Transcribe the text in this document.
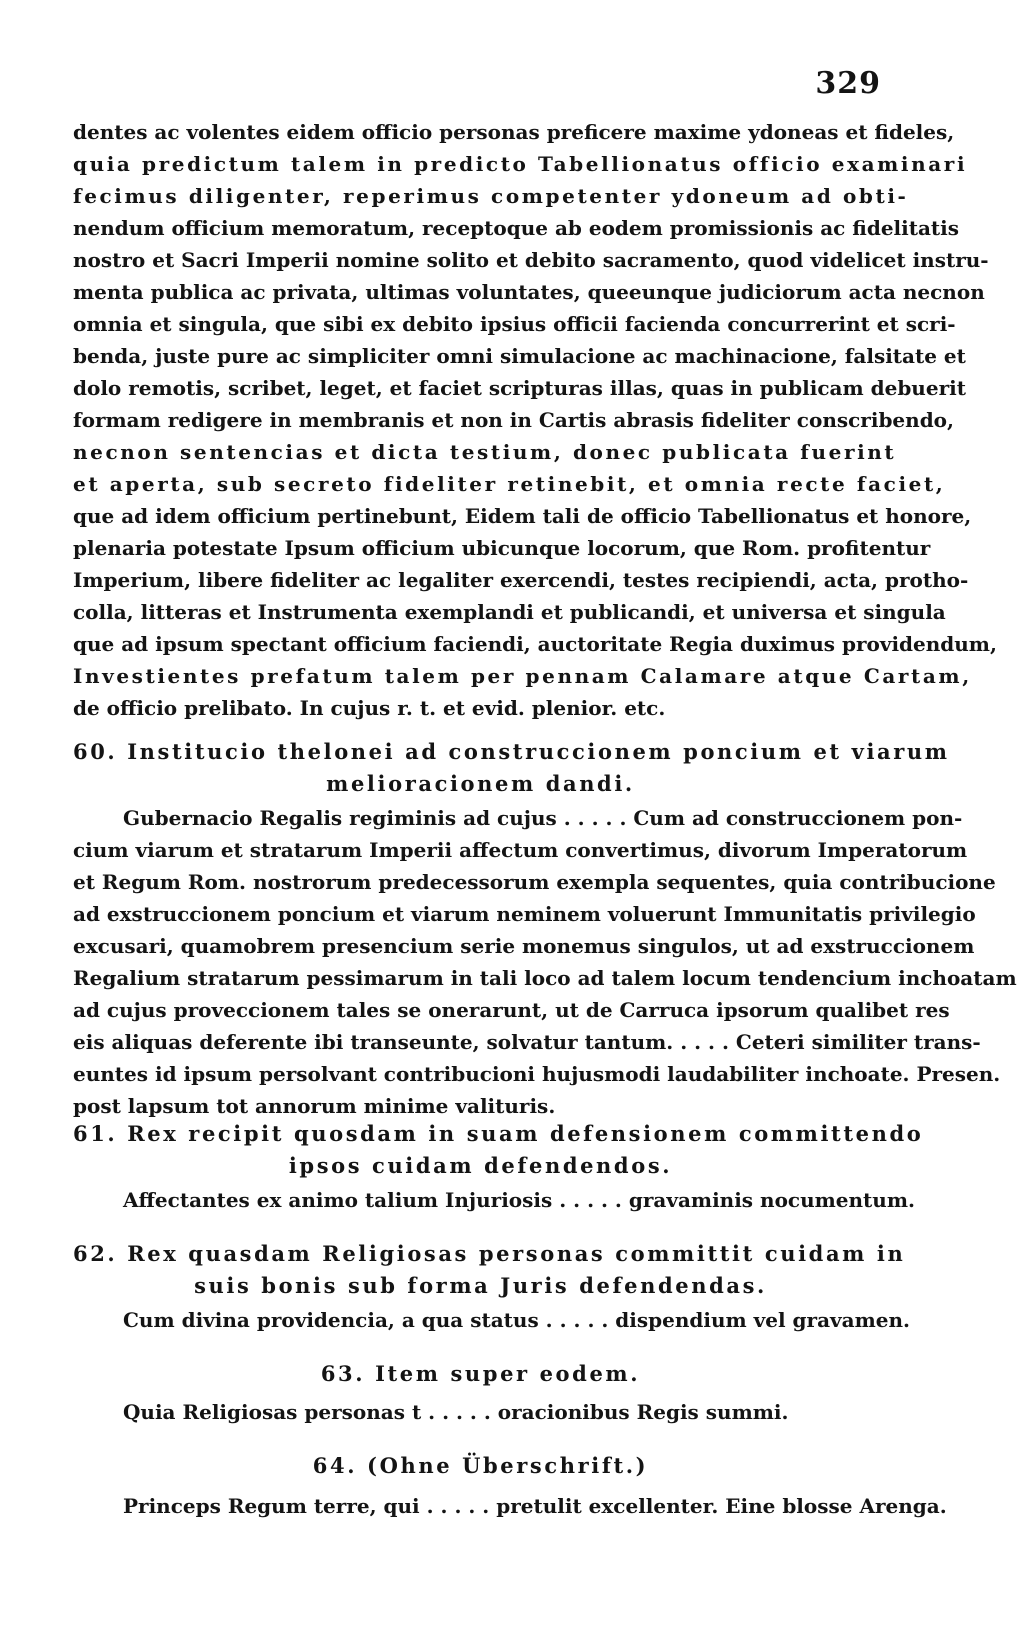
329
dentes ac volentes eidem officio personas preficere maxime ydoneas et fideles,
quia predictum talem in predicto Tabellionatus officio examinari
fecimus diligenter, reperimus competenter ydoneum ad obti-
nendum officium memoratum, receptoque ab eodem promissionis ac fidelitatis
nostro et Sacri Imperii nomine solito et debito sacramento, quod videlicet instru-
menta publica ac privata, ultimas voluntates, queeunque judiciorum acta necnon
omnia et singula, que sibi ex debito ipsius officii facienda concurrerint et scri-
benda, juste pure ac simpliciter omni simulacione ac machinacione, falsitate et
dolo remotis, scribet, leget, et faciet scripturas illas, quas in publicam debuerit
formam redigere in membranis et non in Cartis abrasis fideliter conscribendo,
necnon sentencias et dicta testium, donec publicata fuerint
et aperta, sub secreto fideliter retinebit, et omnia recte faciet,
que ad idem officium pertinebunt, Eidem tali de officio Tabellionatus et honore,
plenaria potestate Ipsum officium ubicunque locorum, que Rom. profitentur
Imperium, libere fideliter ac legaliter exercendi, testes recipiendi, acta, protho-
colla, litteras et Instrumenta exemplandi et publicandi, et universa et singula
que ad ipsum spectant officium faciendi, auctoritate Regia duximus providendum,
Investientes prefatum talem per pennam Calamare atque Cartam,
de officio prelibato. In cujus r. t. et evid. plenior. etc.
60. Institucio thelonei ad construccionem poncium et viarum
melioracionem dandi.
Gubernacio Regalis regiminis ad cujus . . . . . Cum ad construccionem pon-
cium viarum et stratarum Imperii affectum convertimus, divorum Imperatorum
et Regum Rom. nostrorum predecessorum exempla sequentes, quia contribucione
ad exstruccionem poncium et viarum neminem voluerunt Immunitatis privilegio
excusari, quamobrem presencium serie monemus singulos, ut ad exstruccionem
Regalium stratarum pessimarum in tali loco ad talem locum tendencium inchoatam
ad cujus proveccionem tales se onerarunt, ut de Carruca ipsorum qualibet res
eis aliquas deferente ibi transeunte, solvatur tantum. . . . . Ceteri similiter trans-
euntes id ipsum persolvant contribucioni hujusmodi laudabiliter inchoate. Presen.
post lapsum tot annorum minime valituris.
61. Rex recipit quosdam in suam defensionem committendo
ipsos cuidam defendendos.
Affectantes ex animo talium Injuriosis . . . . . gravaminis nocumentum.
62. Rex quasdam Religiosas personas committit cuidam in
suis bonis sub forma Juris defendendas.
Cum divina providencia, a qua status . . . . . dispendium vel gravamen.
63. Item super eodem.
Quia Religiosas personas t . . . . . oracionibus Regis summi.
64. (Ohne Überschrift.)
Princeps Regum terre, qui . . . . . pretulit excellenter. Eine blosse Arenga.
